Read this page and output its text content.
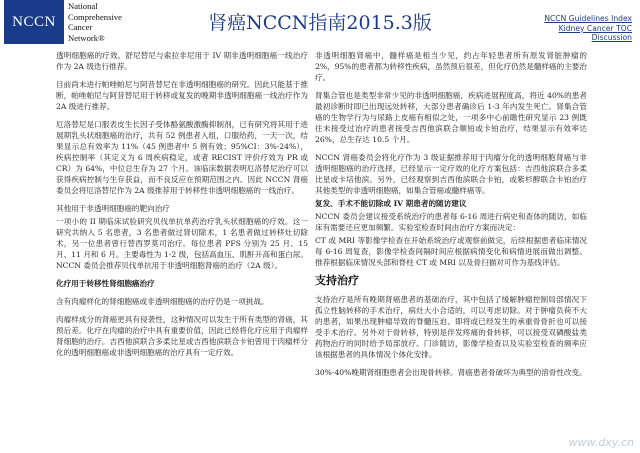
NCCN
National
Comprehensive
Cancer
Network®
肾癌NCCN指南2015.3版	NCCN Guidelines Index
Kidney Cancer TOC
Discussion

透明细胞癌的疗效。舒尼替尼与索拉非尼用于 IV 期非透明细胞癌一线治疗作为 2A 级迭行推荐。

目前尚未进行帕唑帕尼与阿昔替尼在非透明细胞癌的研究。因此只能基于推断，帕唑帕尼与阿昔替尼用于转移或复发的晚期非透明细胞癌一线治疗作为 2A 级进行推荐。

厄洛替尼是口服表皮生长因子受体酪氨酸激酶抑制剂，已有研究将其用于进展期乳头状细胞癌的治疗，共有 52 例患者入组，口服给药，一天一次，结果显示总有效率为 11%（45 例患者中 5 例有效；95%CI：3%-24%），疾病控制率（其定义为 6 周疾病稳定，或者 RECIST 评价疗效为 PR 或 CR）为 64%，中位总生存为 27 个月。该临床数据表明厄洛替尼治疗可以获得疾病控制与生存获益，而不良反应在预期范围之内。因此 NCCN 肾癌委员会将厄洛替尼作为 2A 级推荐用于转移性非透明细胞癌的一线治疗。

其他用于非透明细胞癌的靶向治疗

一项小的 II 期临床试验研究贝伐单抗单药治疗乳头状细胞癌的疗效。这一研究共纳入 5 名患者，3 名患者做过肾切除术，1 名患者做过转移灶切除术，另一位患者曾行替西罗莫司治疗。每位患者 PFS 分别为 25 月、15 月、11 月和 6 月。主要毒性为 1-2 级，包括高血压、肌酐升高和蛋白尿。NCCN 委员会推荐贝伐单抗用于非透明细胞肾癌的治疗（2A 级）。

化疗用于转移性肾细胞癌治疗

含有肉瘤样化的肾细胞癌或非透明细胞癌的治疗仍是一项挑战。

肉瘤样成分的肾癌更具有侵袭性，这种情况可以发生于所有类型的肾癌，其预后差。化疗在肉瘤的治疗中具有重要价值，因此已经将化疗应用于肉瘤样肾细胞的治疗。吉西他滨联合多柔比星或吉西他滨联合卡铂曾用于肉瘤样分化的透明细胞癌或非透明细胞癌的治疗具有一定疗效。

非透明细胞肾癌中，髓样癌是相当少见，约占年轻患者所有原发肾脏肿瘤的 2%，95%的患者都为转移性疾病，虽然预后很差，但化疗仍然是髓样癌的主要治疗。

肾集合管也是类型非常少见的非透明细胞癌，疾病进展程度高，将近 40%的患者最初诊断时即已出现远处转移，大部分患者确诊后 1-3 年内发生死亡。肾集合管癌的生物学行为与尿路上皮癌有相似之处，一项多中心前瞻性研究显示 23 例既往未接受过治疗的患者接受吉西他滨联合顺铂或卡铂治疗，结果显示有效率达 26%，总生存达 10.5 个月。

NCCN 肾癌委员会将化疗作为 3 级证据推荐用于肉瘤分化的透明细胞肾癌与非透明细胞癌的治疗选择，已经显示一定疗效的化疗方案包括：吉西他滨联合多柔比星或卡培他滨。另外，已经观察到吉西他滨联合卡铂，或紫杉醇联合卡铂治疗其他类型的非透明细胞癌，如集合管癌或髓样癌等。

复发、手术不能切除或 IV 期患者的随访建议

NCCN 委员会建议接受系统治疗的患者每 6-16 周进行病史和查体的随访，如临床有需要还应更加频繁。实验室检查时间由治疗方案而决定：

CT 或 MRI 等影像学检查在开始系统治疗或观察前做完，后续根据患者临床情况每 6-16 周复查，影像学检查间隔时间应根据病情变化和病情进展而做出调整。推荐根据临床情况头部和脊柱 CT 或 MRI 以及骨扫描对可作为基线评估。

支持治疗

支持治疗是所有晚期肾癌患者的基础治疗，其中包括了缓解肿瘤控制局部情况下孤立性脑转移的手术治疗，病灶大小合适的，可以考虑切除。对于肿瘤负荷不大的患者，如果出现肿瘤导致的脊髓压迫、即将或已经发生的承重骨骨折也可以接受手术治疗。另外对于骨转移，特别是伴发疼痛的骨转移，可以接受双磷酸盐类药物治疗的同时给予局部放疗。门诊随访，影像学检查以及实验室检查的频率应该根据患者的具体情况个体化安排。

30%-40%晚期肾细胞患者会出现骨转移。肾癌患者骨破坏为典型的溶骨性改变。

www.dxy.cn
